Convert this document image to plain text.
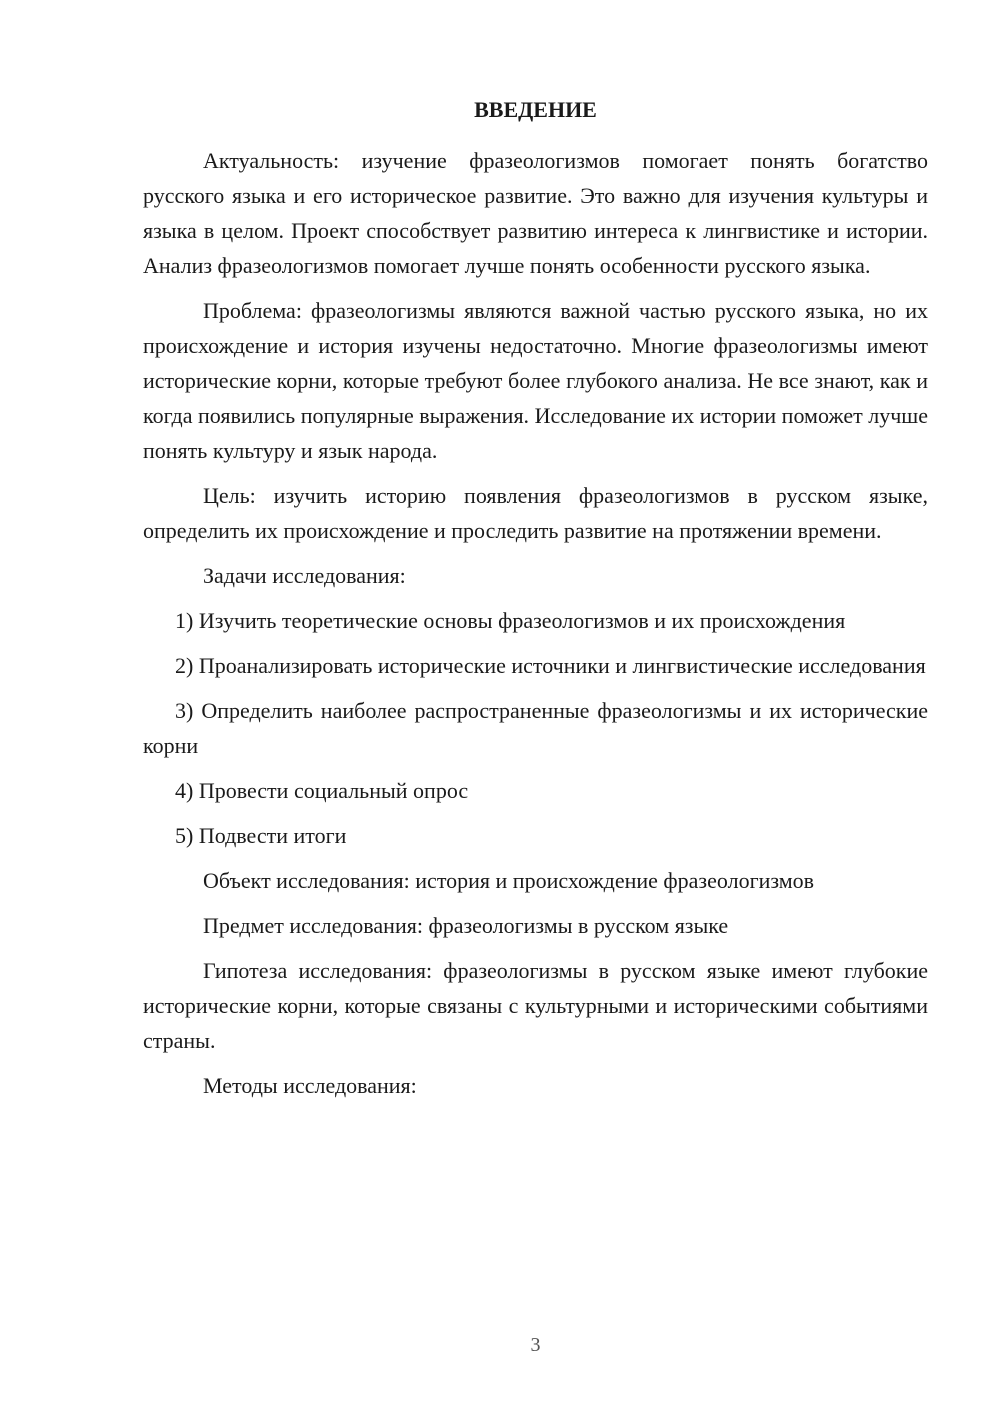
ВВЕДЕНИЕ

Актуальность: изучение фразеологизмов помогает понять богатство русского языка и его историческое развитие. Это важно для изучения культуры и языка в целом. Проект способствует развитию интереса к лингвистике и истории. Анализ фразеологизмов помогает лучше понять особенности русского языка.

Проблема: фразеологизмы являются важной частью русского языка, но их происхождение и история изучены недостаточно. Многие фразеологизмы имеют исторические корни, которые требуют более глубокого анализа. Не все знают, как и когда появились популярные выражения. Исследование их истории поможет лучше понять культуру и язык народа.

Цель: изучить историю появления фразеологизмов в русском языке, определить их происхождение и проследить развитие на протяжении времени.

Задачи исследования:

1) Изучить теоретические основы фразеологизмов и их происхождения

2) Проанализировать исторические источники и лингвистические исследования

3) Определить наиболее распространенные фразеологизмы и их исторические корни

4) Провести социальный опрос

5) Подвести итоги

Объект исследования: история и происхождение фразеологизмов

Предмет исследования: фразеологизмы в русском языке

Гипотеза исследования: фразеологизмы в русском языке имеют глубокие исторические корни, которые связаны с культурными и историческими событиями страны.

Методы исследования:

3
